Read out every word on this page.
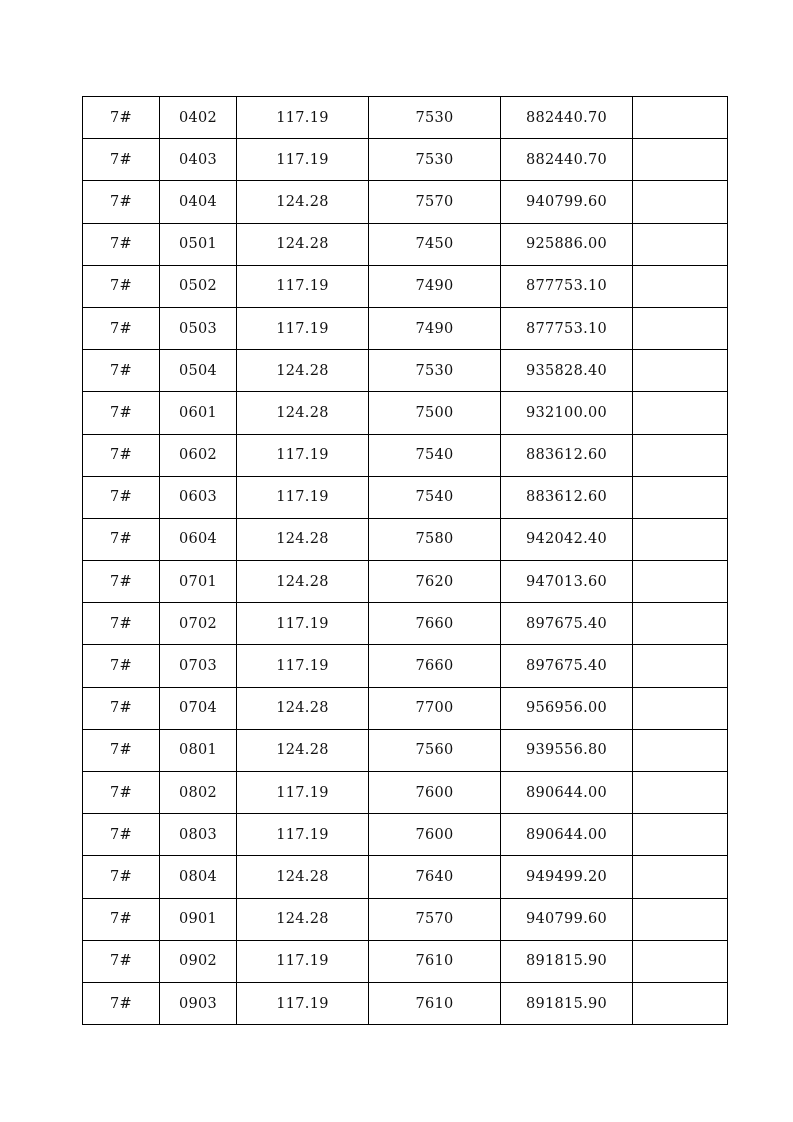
7#	0402	117.19	7530	882440.70	
7#	0403	117.19	7530	882440.70	
7#	0404	124.28	7570	940799.60	
7#	0501	124.28	7450	925886.00	
7#	0502	117.19	7490	877753.10	
7#	0503	117.19	7490	877753.10	
7#	0504	124.28	7530	935828.40	
7#	0601	124.28	7500	932100.00	
7#	0602	117.19	7540	883612.60	
7#	0603	117.19	7540	883612.60	
7#	0604	124.28	7580	942042.40	
7#	0701	124.28	7620	947013.60	
7#	0702	117.19	7660	897675.40	
7#	0703	117.19	7660	897675.40	
7#	0704	124.28	7700	956956.00	
7#	0801	124.28	7560	939556.80	
7#	0802	117.19	7600	890644.00	
7#	0803	117.19	7600	890644.00	
7#	0804	124.28	7640	949499.20	
7#	0901	124.28	7570	940799.60	
7#	0902	117.19	7610	891815.90	
7#	0903	117.19	7610	891815.90	
